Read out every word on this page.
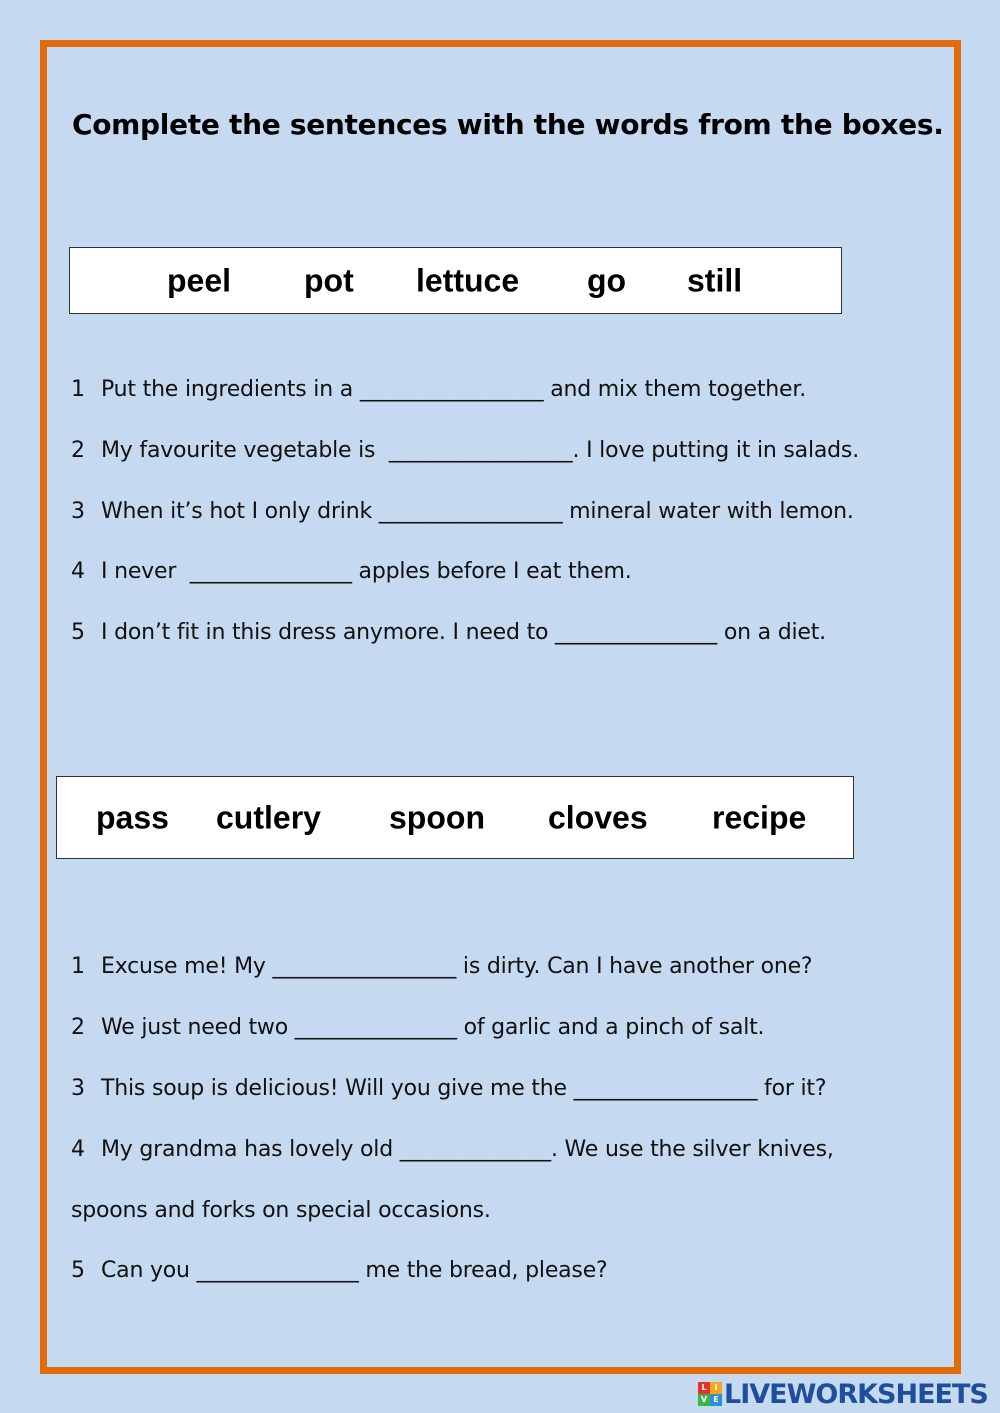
Complete the sentences with the words from the boxes.
peel pot lettuce go still
1 Put the ingredients in a _________________ and mix them together.
2 My favourite vegetable is  _________________. I love putting it in salads.
3 When it’s hot I only drink _________________ mineral water with lemon.
4 I never  _______________ apples before I eat them.
5 I don’t fit in this dress anymore. I need to _______________ on a diet.
pass cutlery spoon cloves recipe
1 Excuse me! My _________________ is dirty. Can I have another one?
2 We just need two _______________ of garlic and a pinch of salt.
3 This soup is delicious! Will you give me the _________________ for it?
4 My grandma has lovely old ______________. We use the silver knives,
spoons and forks on special occasions.
5 Can you _______________ me the bread, please?
L I
V E LIVEWORKSHEETS
